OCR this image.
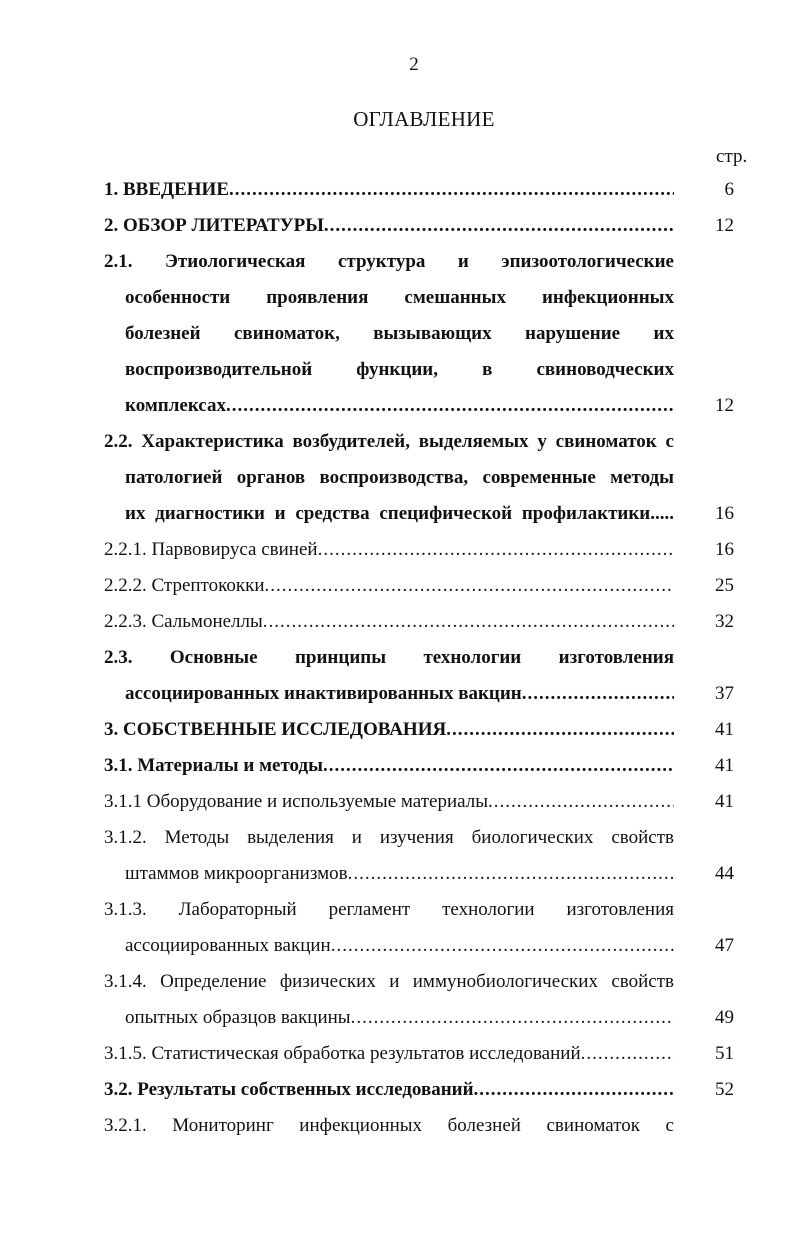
2
ОГЛАВЛЕНИЕ
стр.
1. ВВЕДЕНИЕ .....	6
2. ОБЗОР ЛИТЕРАТУРЫ .....	12
2.1. Этиологическая структура и эпизоотологические
особенности проявления смешанных инфекционных
болезней свиноматок, вызывающих нарушение их
воспроизводительной функции, в свиноводческих
комплексах .....	12
2.2. Характеристика возбудителей, выделяемых у свиноматок с
патологией органов воспроизводства, современные методы
их диагностики и средства специфической профилактики.....	16
2.2.1. Парвовируса свиней .....	16
2.2.2. Стрептококки .....	25
2.2.3. Сальмонеллы .....	32
2.3. Основные принципы технологии изготовления
ассоциированных инактивированных вакцин .....	37
3. СОБСТВЕННЫЕ ИССЛЕДОВАНИЯ .....	41
3.1. Материалы и методы .....	41
3.1.1 Оборудование и используемые материалы .....	41
3.1.2. Методы выделения и изучения биологических свойств
штаммов микроорганизмов .....	44
3.1.3. Лабораторный регламент технологии изготовления
ассоциированных вакцин .....	47
3.1.4. Определение физических и иммунобиологических свойств
опытных образцов вакцины .....	49
3.1.5. Статистическая обработка результатов исследований .....	51
3.2. Результаты собственных исследований .....	52
3.2.1. Мониторинг инфекционных болезней свиноматок с
